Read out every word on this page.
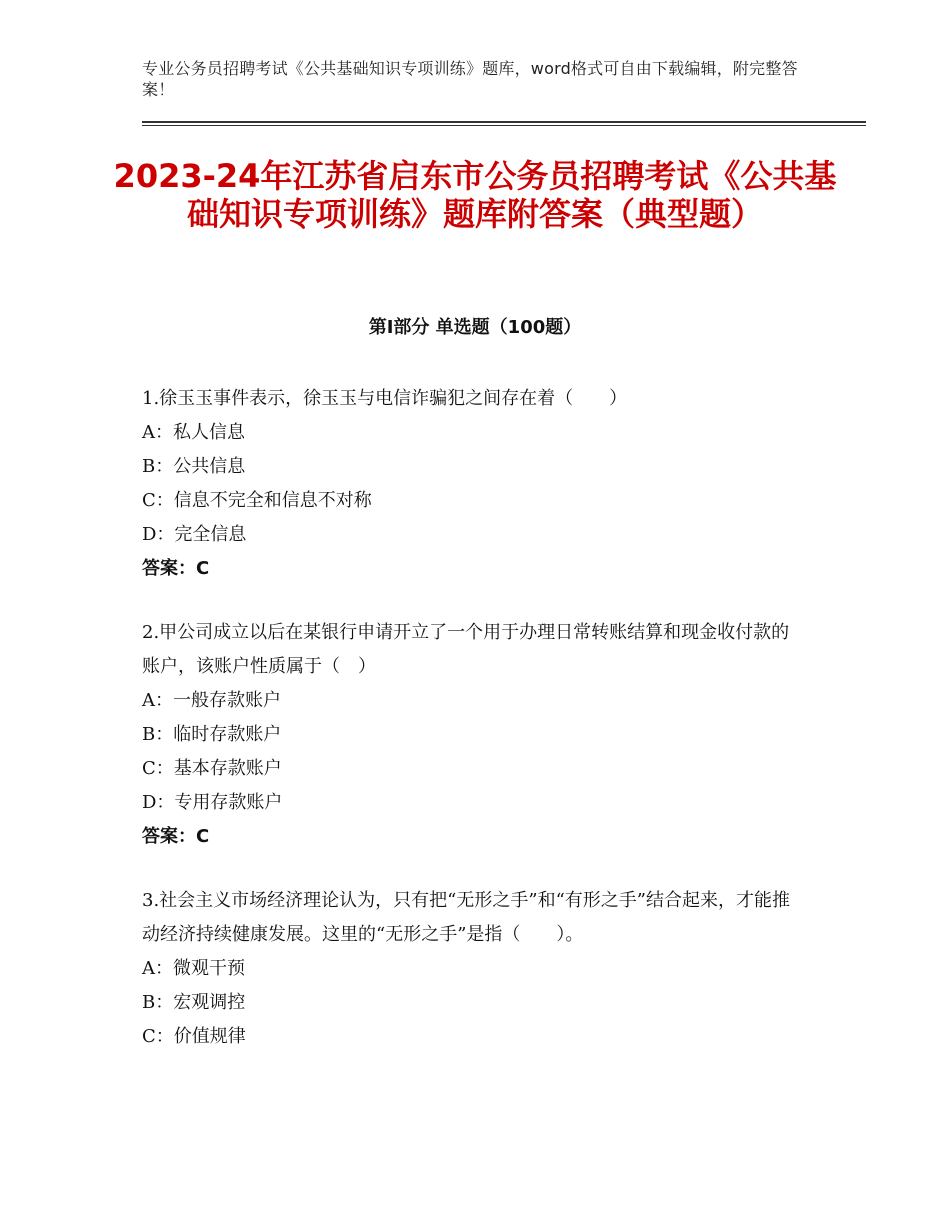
专业公务员招聘考试《公共基础知识专项训练》题库，word格式可自由下载编辑，附完整答案！
2023-24年江苏省启东市公务员招聘考试《公共基础知识专项训练》题库附答案（典型题）
第Ⅰ部分 单选题（100题）

1.徐玉玉事件表示，徐玉玉与电信诈骗犯之间存在着（　　）

A：私人信息

B：公共信息

C：信息不完全和信息不对称

D：完全信息

答案：C

2.甲公司成立以后在某银行申请开立了一个用于办理日常转账结算和现金收付款的账户，该账户性质属于（　）

A：一般存款账户

B：临时存款账户

C：基本存款账户

D：专用存款账户

答案：C

3.社会主义市场经济理论认为，只有把“无形之手”和“有形之手”结合起来，才能推动经济持续健康发展。这里的“无形之手”是指（　　）。

A：微观干预

B：宏观调控

C：价值规律
